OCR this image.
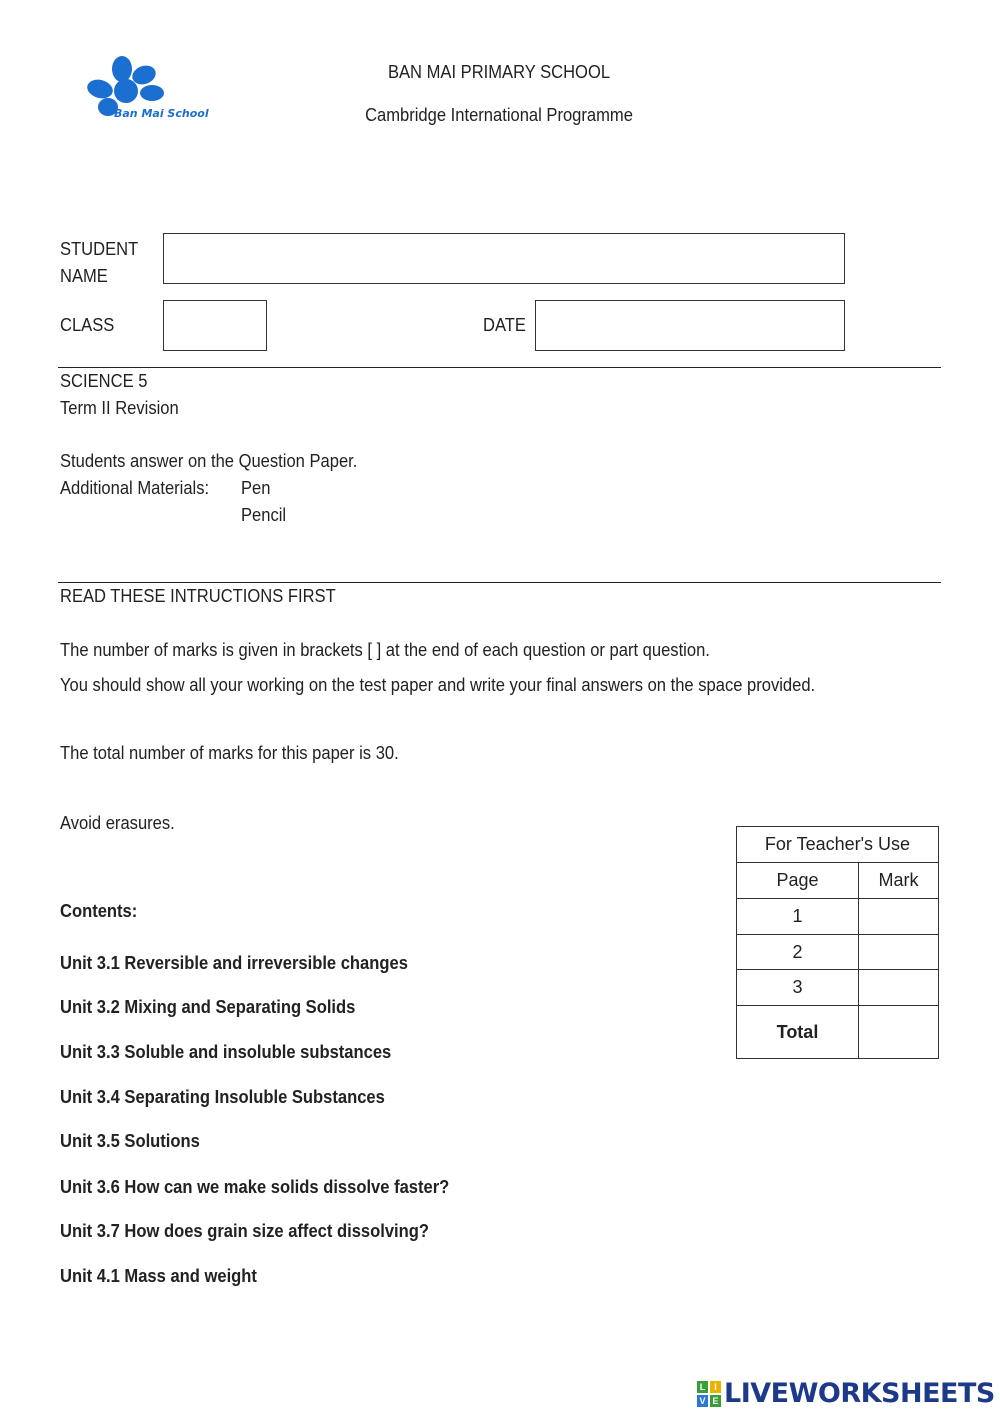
Ban Mai School
BAN MAI PRIMARY SCHOOL
Cambridge International Programme
STUDENT
NAME
CLASS	DATE
SCIENCE 5
Term II Revision
Students answer on the Question Paper.
Additional Materials: Pen
Pencil
READ THESE INTRUCTIONS FIRST
The number of marks is given in brackets [ ] at the end of each question or part question.
You should show all your working on the test paper and write your final answers on the space provided.
The total number of marks for this paper is 30.
Avoid erasures.
Contents:
Unit 3.1 Reversible and irreversible changes
Unit 3.2 Mixing and Separating Solids
Unit 3.3 Soluble and insoluble substances
Unit 3.4 Separating Insoluble Substances
Unit 3.5 Solutions
Unit 3.6 How can we make solids dissolve faster?
Unit 3.7 How does grain size affect dissolving?
Unit 4.1 Mass and weight
For Teacher's Use	
Page	Mark
1	
2	
3	
Total	
L I
V E LIVEWORKSHEETS
